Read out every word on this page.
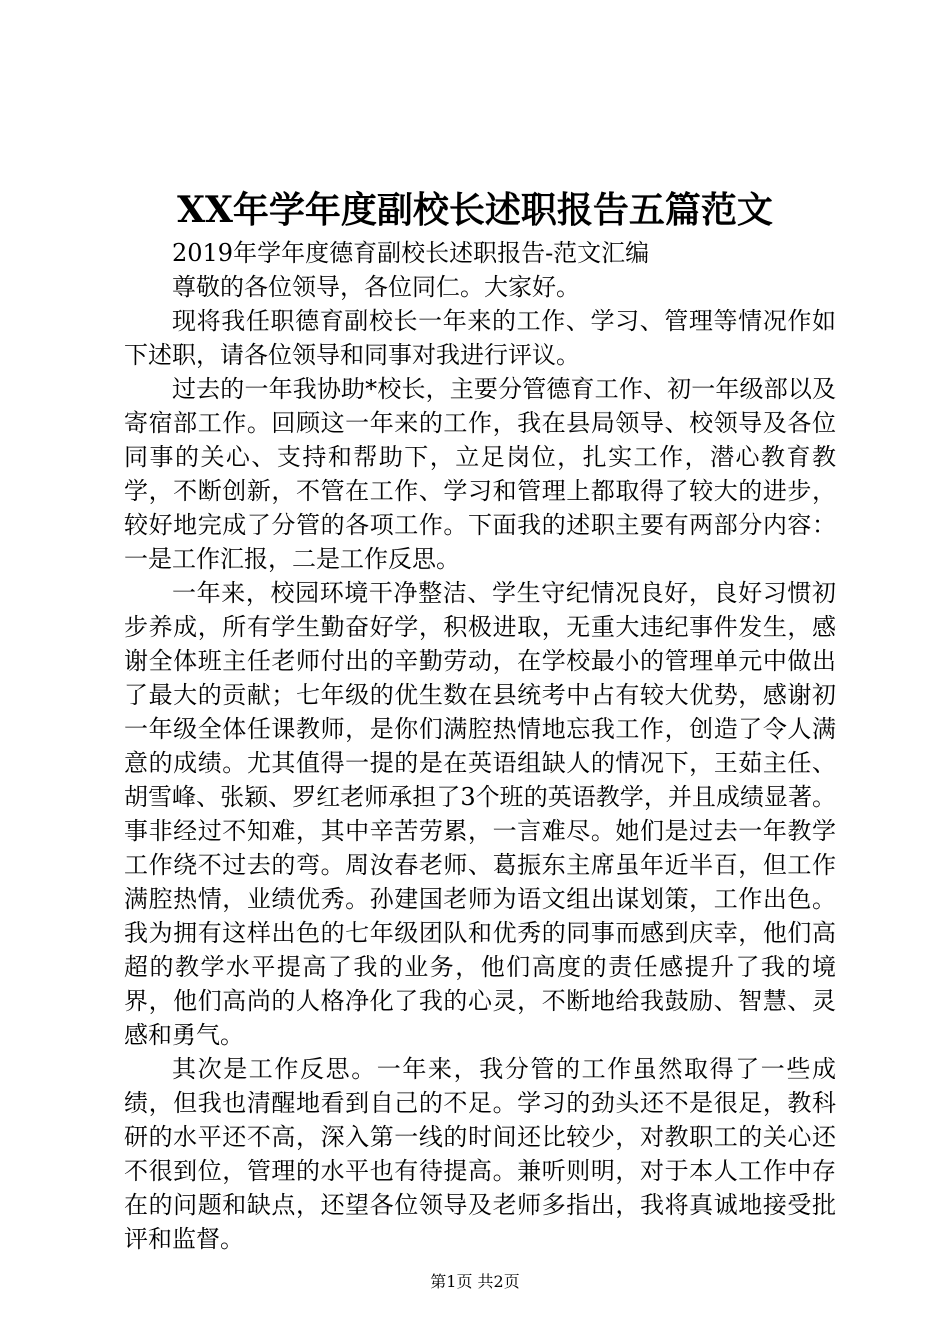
XX年学年度副校长述职报告五篇范文

2019年学年度德育副校长述职报告-范文汇编

尊敬的各位领导，各位同仁。大家好。

现将我任职德育副校长一年来的工作、学习、管理等情况作如下述职，请各位领导和同事对我进行评议。

过去的一年我协助*校长，主要分管德育工作、初一年级部以及寄宿部工作。回顾这一年来的工作，我在县局领导、校领导及各位同事的关心、支持和帮助下，立足岗位，扎实工作，潜心教育教学，不断创新，不管在工作、学习和管理上都取得了较大的进步，较好地完成了分管的各项工作。下面我的述职主要有两部分内容：一是工作汇报，二是工作反思。

一年来，校园环境干净整洁、学生守纪情况良好，良好习惯初步养成，所有学生勤奋好学，积极进取，无重大违纪事件发生，感谢全体班主任老师付出的辛勤劳动，在学校最小的管理单元中做出了最大的贡献；七年级的优生数在县统考中占有较大优势，感谢初一年级全体任课教师，是你们满腔热情地忘我工作，创造了令人满意的成绩。尤其值得一提的是在英语组缺人的情况下，王茹主任、胡雪峰、张颖、罗红老师承担了3个班的英语教学，并且成绩显著。事非经过不知难，其中辛苦劳累，一言难尽。她们是过去一年教学工作绕不过去的弯。周汝春老师、葛振东主席虽年近半百，但工作满腔热情，业绩优秀。孙建国老师为语文组出谋划策，工作出色。我为拥有这样出色的七年级团队和优秀的同事而感到庆幸，他们高超的教学水平提高了我的业务，他们高度的责任感提升了我的境界，他们高尚的人格净化了我的心灵，不断地给我鼓励、智慧、灵感和勇气。

其次是工作反思。一年来，我分管的工作虽然取得了一些成绩，但我也清醒地看到自己的不足。学习的劲头还不是很足，教科研的水平还不高，深入第一线的时间还比较少，对教职工的关心还不很到位，管理的水平也有待提高。兼听则明，对于本人工作中存在的问题和缺点，还望各位领导及老师多指出，我将真诚地接受批评和监督。

第1页 共2页
